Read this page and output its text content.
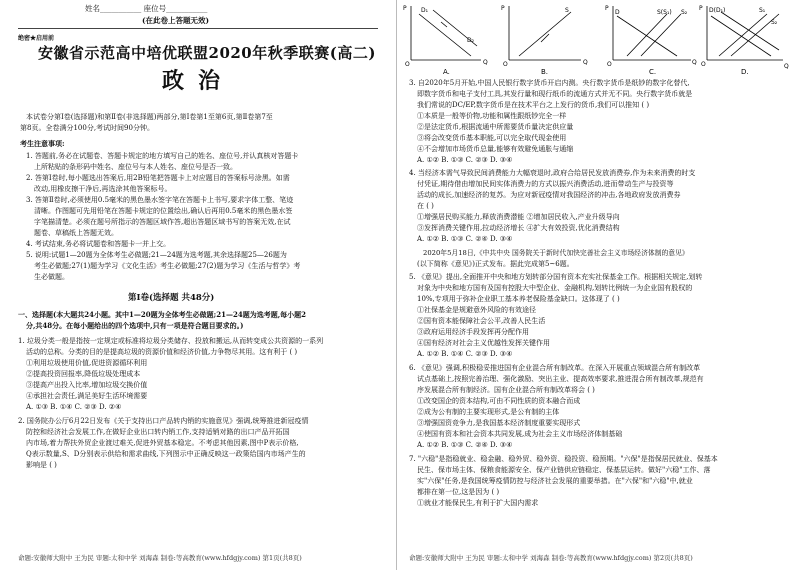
姓名___________ 座位号___________
(在此卷上答题无效)
绝密★启用前
安徽省示范高中培优联盟2020年秋季联赛(高二)
政治
本试卷分第Ⅰ卷(选择题)和第Ⅱ卷(非选择题)两部分,第Ⅰ卷第1至第6页,第Ⅱ卷第7至
第8页。全卷满分100分,考试时间90分钟。
考生注意事项:
1. 答题前,务必在试题卷、答题卡规定的地方填写自己的姓名、座位号,并认真核对答题卡
上所粘贴的条形码中姓名、座位号与本人姓名、座位号是否一致。
2. 答第Ⅰ卷时,每小题选出答案后,用2B铅笔把答题卡上对应题目的答案标号涂黑。如需
改动,用橡皮擦干净后,再选涂其他答案标号。
3. 答第Ⅱ卷时,必须使用0.5毫米的黑色墨水签字笔在答题卡上书写,要求字体工整、笔迹
清晰。作图题可先用铅笔在答题卡规定的位置绘出,确认后再用0.5毫米的黑色墨水签
字笔描清楚。必须在题号所指示的答题区域作答,超出答题区域书写的答案无效,在试
题卷、草稿纸上答题无效。
4. 考试结束,务必将试题卷和答题卡一并上交。
5. 说明:试题1—20题为全体考生必做题;21—24题为选考题,其余选择题25—26题为
考生必做题;27(1)题为学习《文化生活》考生必做题;27(2)题为学习《生活与哲学》考
生必做题。
第Ⅰ卷(选择题 共48分)
一、选择题(本大题共24小题。其中1—20题为全体考生必做题;21—24题为选考题,每小题2
分,共48分。在每小题给出的四个选项中,只有一项是符合题目要求的。)
1. 垃圾分类一般是指按一定规定或标准将垃圾分类储存、投放和搬运,从而转变成公共资源的一系列
活动的总称。分类的目的是提高垃圾的资源价值和经济价值,力争物尽其用。这有利于 ( )
①利用垃圾使用价值,促进资源循环利用
②提高投资回报率,降低垃圾处理成本
③提高产出投入比率,增加垃圾交换价值
④承担社会责任,满足美好生活环境需要
A. ①③ B. ①④ C. ②③ D. ②④
2. 国务院办公厅6月22日发布《关于支持出口产品转内销的实施意见》强调,统筹推进新冠疫情
防控和经济社会发展工作,在做好企业出口转内销工作,支持适销对路的出口产品开拓国
内市场,着力帮扶外贸企业渡过难关,促进外贸基本稳定。不考虑其他因素,图中P表示价格,
Q表示数量,S、D分别表示供给和需求曲线,下列图示中正确反映这一政策给国内市场产生的
影响是 ( )
命题:安徽师大附中 王为民 审题:太和中学 刘海森 制卷:等高教育(www.hfdgjy.com) 第1页(共8页)
P
Q
O
D₁
D₂
A.
P
Q
O
S
B.
P
Q
O
D	S(S₁) S₂
C.
P
Q
O
D(D₁)	S₁
S₂
D.
3. 自2020年5月开始,中国人民银行数字货币开启内测。央行数字货币是纸钞的数字化替代,
即数字货币和电子支付工具,其发行量和现行纸币的流通方式并无不同。央行数字货币就是
我们常说的DC/EP,数字货币是在技术平台之上发行的货币,我们可以推知 ( )
①本质是一般等价物,功能和属性跟纸钞完全一样
②是法定货币,根据流通中所需要货币量决定供应量
③将会改变货币基本职能,可以完全取代现金使用
④不会增加市场货币总量,能够有效避免通胀与通缩
A. ①② B. ①③ C. ②③ D. ③④
4. 当经济本需气导致民间消费能力大幅衰退时,政府合给居民发放消费券,作为未来消费的时支
付凭证,期待借由增加民间实体消费力的方式以振兴消费活动,进而带动生产与投资等
活动的成长,加速经济的复苏。为应对新冠疫情对我国经济的冲击,各地政府发放消费券
在 ( )
①增强居民购买能力,释放消费潜能 ②增加居民收入,产业升级导向
③发挥消费关键作用,拉动经济增长 ④扩大有效投资,优化消费结构
A. ①② B. ①③ C. ②④ D. ③④
2020年5月18日,《中共中央 国务院关于新时代加快完善社会主义市场经济体制的意见》
(以下简称《意见》)正式发布。据此完成第5~6题。
5. 《意见》提出,全面推开中央和地方划转部分国有资本充实社保基金工作。根据相关规定,划转
对象为中央和地方国有及国有控股大中型企业、金融机构,划转比例统一为企业国有股权的
10%,专项用于弥补企业职工基本养老保险基金缺口。这体现了 ( )
①社保基金是规避意外风险的有效途径
②国有资本能保障社会公平,改善人民生活
③政府运用经济手段发挥再分配作用
④国有经济对社会主义优越性发挥关键作用
A. ①② B. ①④ C. ②③ D. ③④
6. 《意见》强调,积极稳妥推进国有企业混合所有制改革。在深入开展重点领域混合所有制改革
试点基础上,按照完善治理、强化激励、突出主业、提高效率要求,推进混合所有制改革,规范有
序发展混合所有制经济。国有企业混合所有制改革将会 ( )
①改变国企的资本结构,可由不同性质的资本融合而成
②成为公有制的主要实现形式,是公有制的主体
③增强国资竞争力,是我国基本经济制度重要实现形式
④使国有资本和社会资本共同发展,成为社会主义市场经济体制基础
A. ①② B. ①③ C. ②④ D. ③④
7. "六稳"是指稳就业、稳金融、稳外贸、稳外资、稳投资、稳预期。"六保"是指保居民就业、保基本
民生、保市场主体、保粮食能源安全、保产业链供应链稳定、保基层运转。做好"六稳"工作、落
实"六保"任务,是我国统筹疫情防控与经济社会发展的重要举措。在"六保"和"六稳"中,就业
都排在第一位,这是因为 ( )
①就业才能保民生,有利于扩大国内需求
命题:安徽师大附中 王为民 审题:太和中学 刘海森 制卷:等高教育(www.hfdgjy.com) 第2页(共8页)
